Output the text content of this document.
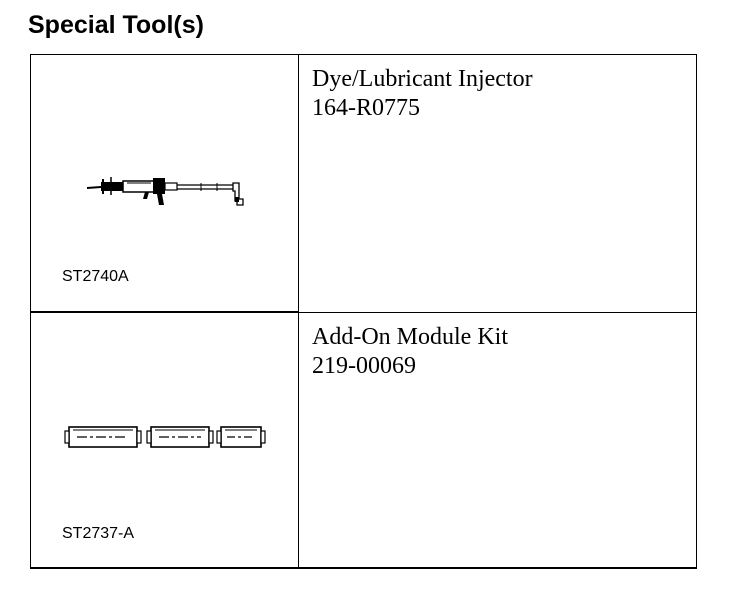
Special Tool(s)
ST2740A	Dye/Lubricant Injector
164-R0775

ST2737-A	Add-On Module Kit
219-00069
